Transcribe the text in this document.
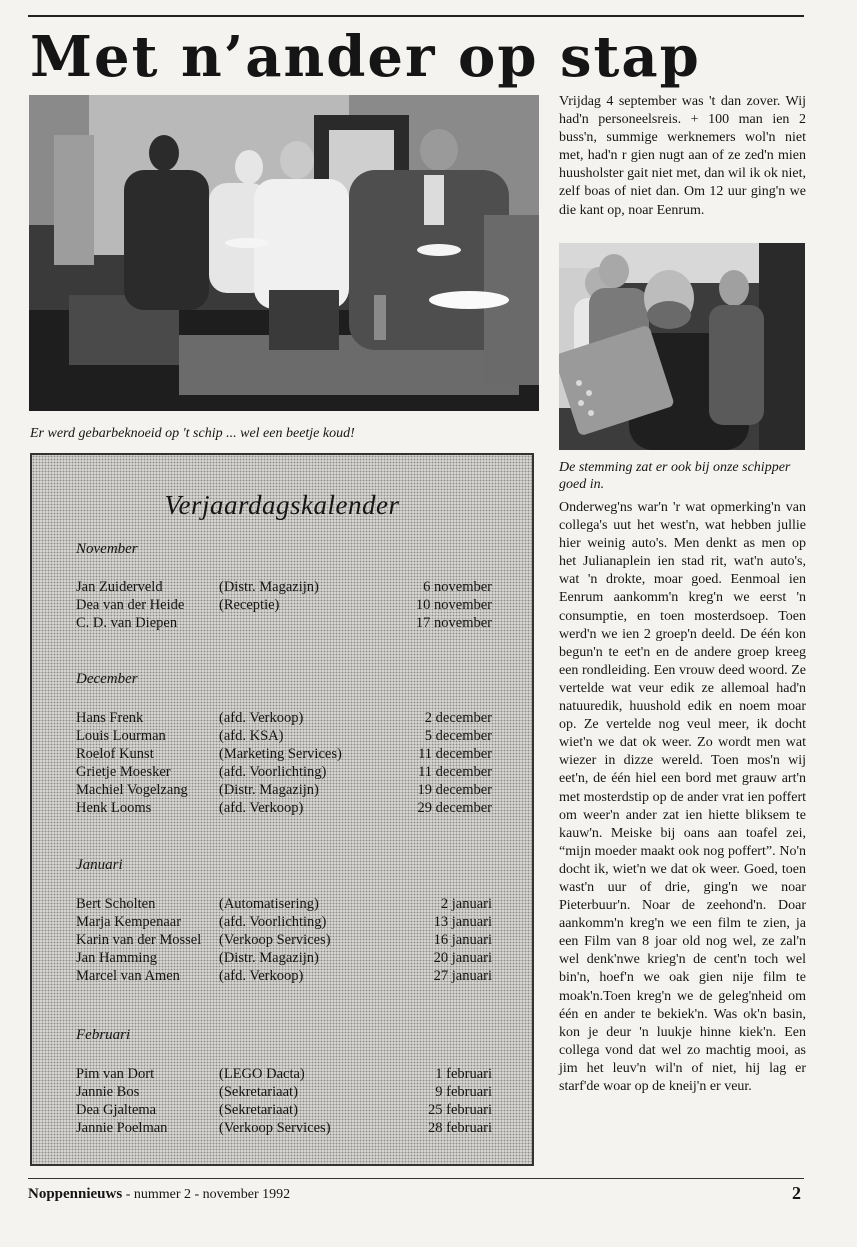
Met n’ander op stap
Er werd gebarbeknoeid op 't schip ... wel een beetje koud!
Vrijdag 4 september was 't dan zover. Wij had'n personeelsreis. + 100 man ien 2 buss'n, summige werknemers wol'n niet met, had'n r gien nugt aan of ze zed'n mien huusholster gait niet met, dan wil ik ok niet, zelf boas of niet dan. Om 12 uur ging'n we die kant op, noar Eenrum.
De stemming zat er ook bij onze schipper goed in.
Onderweg'ns war'n 'r wat opmerking'n van collega's uut het west'n, wat hebben jullie hier weinig auto's. Men denkt as men op het Julianaplein ien stad rit, wat'n auto's, wat 'n drokte, moar goed. Eenmoal ien Eenrum aankomm'n kreg'n we eerst 'n consumptie, en toen mosterdsoep. Toen werd'n we ien 2 groep'n deeld. De één kon begun'n te eet'n en de andere groep kreeg een rondleiding. Een vrouw deed woord. Ze vertelde wat veur edik ze allemoal had'n natuuredik, huushold edik en noem moar op. Ze vertelde nog veul meer, ik docht wiet'n we dat ok weer. Zo wordt men wat wiezer in dizze wereld. Toen mos'n wij eet'n, de één hiel een bord met grauw art'n met mosterdstip op de ander vrat ien poffert om weer'n ander zat ien hiette bliksem te kauw'n. Meiske bij oans aan toafel zei, “mijn moeder maakt ook nog poffert”. No'n docht ik, wiet'n we dat ok weer. Goed, toen wast'n uur of drie, ging'n we noar Pieterbuur'n. Noar de zeehond'n. Doar aankomm'n kreg'n we een film te zien, ja een Film van 8 joar old nog wel, ze zal'n wel denk'nwe krieg'n de cent'n toch wel bin'n, hoef'n we oak gien nije film te moak'n.Toen kreg'n we de geleg'nheid om één en ander te bekiek'n. Was ok'n basin, kon je deur 'n luukje hinne kiek'n. Een collega vond dat wel zo machtig mooi, as jim het leuv'n wil'n of niet, hij lag er starf'de woar op de kneij'n er veur.
Verjaardagskalender
November
Jan Zuiderveld	(Distr. Magazijn)	6 november
Dea van der Heide (Receptie)	10 november
C. D. van Diepen	17 november
December
Hans Frenk	(afd. Verkoop)	2 december
Louis Lourman	(afd. KSA)	5 december
Roelof Kunst	(Marketing Services)	11 december
Grietje Moesker	(afd. Voorlichting)	11 december
Machiel Vogelzang (Distr. Magazijn)	19 december
Henk Looms	(afd. Verkoop)	29 december
Januari
Bert Scholten	(Automatisering)	2 januari
Marja Kempenaar	(afd. Voorlichting)	13 januari
Karin van der Mossel (Verkoop Services)	16 januari
Jan Hamming	(Distr. Magazijn)	20 januari
Marcel van Amen	(afd. Verkoop)	27 januari
Februari
Pim van Dort	(LEGO Dacta)	1 februari
Jannie Bos	(Sekretariaat)	9 februari
Dea Gjaltema	(Sekretariaat)	25 februari
Jannie Poelman	(Verkoop Services)	28 februari
Noppennieuws - nummer 2 - november 1992	2
